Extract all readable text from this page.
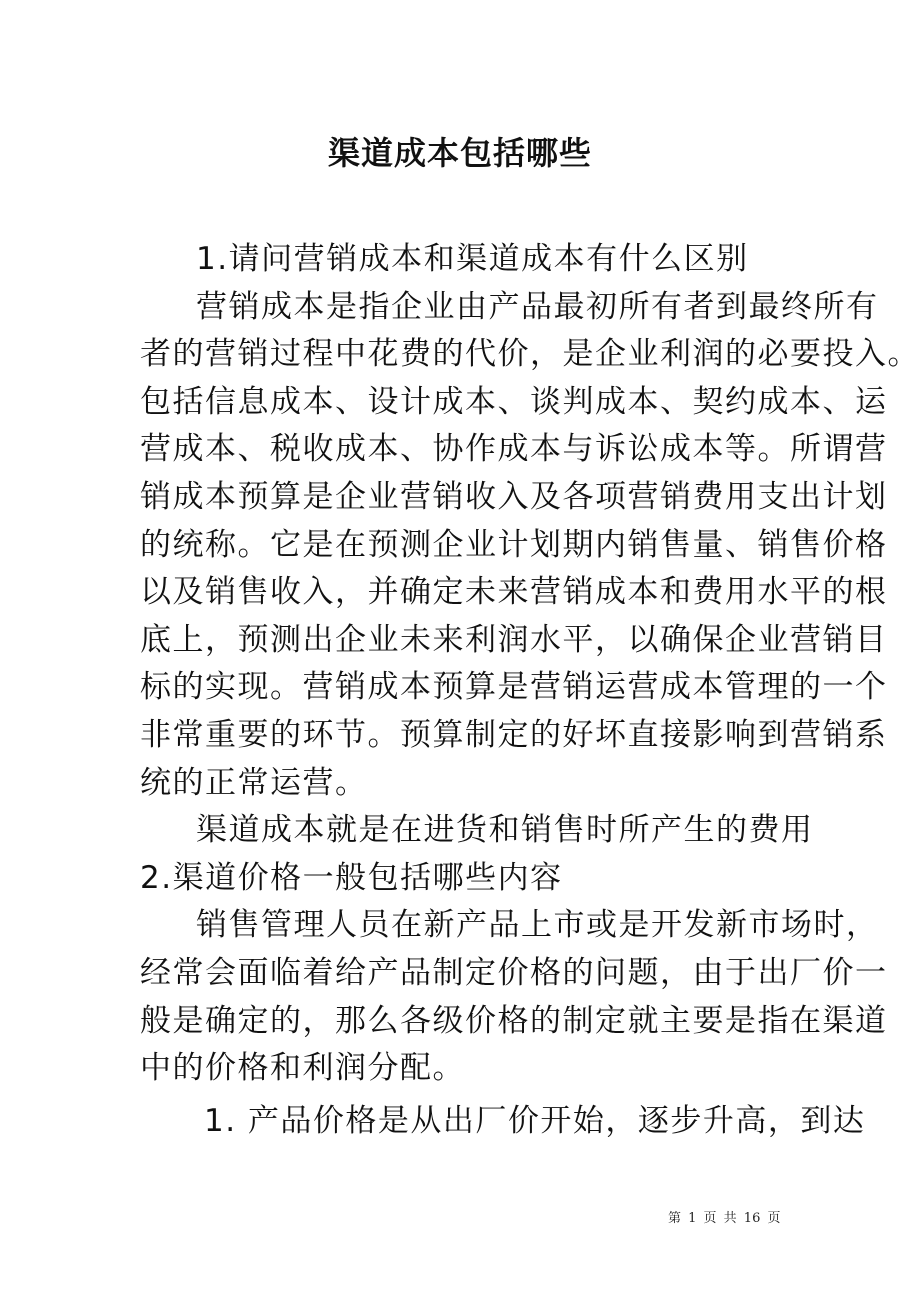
渠道成本包括哪些
1.请问营销成本和渠道成本有什么区别
营销成本是指企业由产品最初所有者到最终所有
者的营销过程中花费的代价，是企业利润的必要投入。
包括信息成本、设计成本、谈判成本、契约成本、运
营成本、税收成本、协作成本与诉讼成本等。所谓营
销成本预算是企业营销收入及各项营销费用支出计划
的统称。它是在预测企业计划期内销售量、销售价格
以及销售收入，并确定未来营销成本和费用水平的根
底上，预测出企业未来利润水平，以确保企业营销目
标的实现。营销成本预算是营销运营成本管理的一个
非常重要的环节。预算制定的好坏直接影响到营销系
统的正常运营。
渠道成本就是在进货和销售时所产生的费用
2.渠道价格一般包括哪些内容
销售管理人员在新产品上市或是开发新市场时，
经常会面临着给产品制定价格的问题，由于出厂价一
般是确定的，那么各级价格的制定就主要是指在渠道
中的价格和利润分配。
1. 产品价格是从出厂价开始，逐步升高，到达
第 1 页 共 16 页
